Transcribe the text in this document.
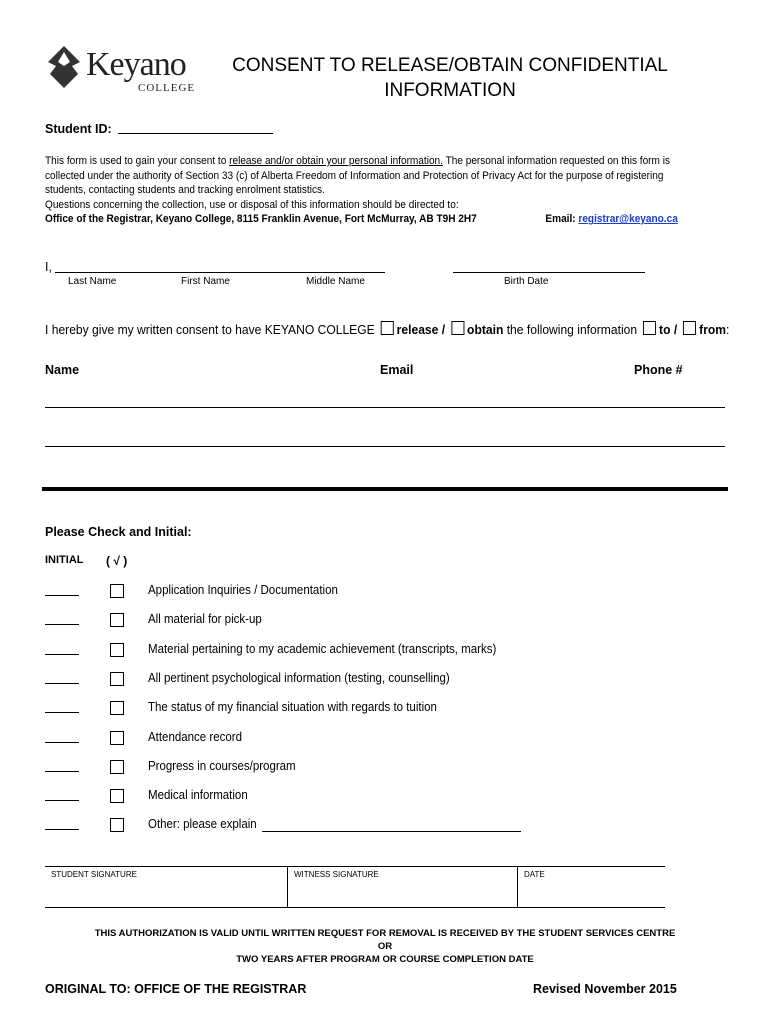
Keyano
COLLEGE
CONSENT TO RELEASE/OBTAIN CONFIDENTIAL
INFORMATION
Student ID:
This form is used to gain your consent to release and/or obtain your personal information. The personal information requested on this form is
collected under the authority of Section 33 (c) of Alberta Freedom of Information and Protection of Privacy Act for the purpose of registering
students, contacting students and tracking enrolment statistics.
Questions concerning the collection, use or disposal of this information should be directed to:
Office of the Registrar, Keyano College, 8115 Franklin Avenue, Fort McMurray, AB T9H 2H7	Email: registrar@keyano.ca
I,
Last Name	First Name	Middle Name	Birth Date
I hereby give my written consent to have KEYANO COLLEGE release / obtain the following information to / from:
Name	Email	Phone #
Please Check and Initial:
INITIAL ( √ )
Application Inquiries / Documentation
All material for pick-up
Material pertaining to my academic achievement (transcripts, marks)
All pertinent psychological information (testing, counselling)
The status of my financial situation with regards to tuition
Attendance record
Progress in courses/program
Medical information
Other: please explain
STUDENT SIGNATURE	WITNESS SIGNATURE	DATE
THIS AUTHORIZATION IS VALID UNTIL WRITTEN REQUEST FOR REMOVAL IS RECEIVED BY THE STUDENT SERVICES CENTRE
OR
TWO YEARS AFTER PROGRAM OR COURSE COMPLETION DATE
ORIGINAL TO: OFFICE OF THE REGISTRAR	Revised November 2015
